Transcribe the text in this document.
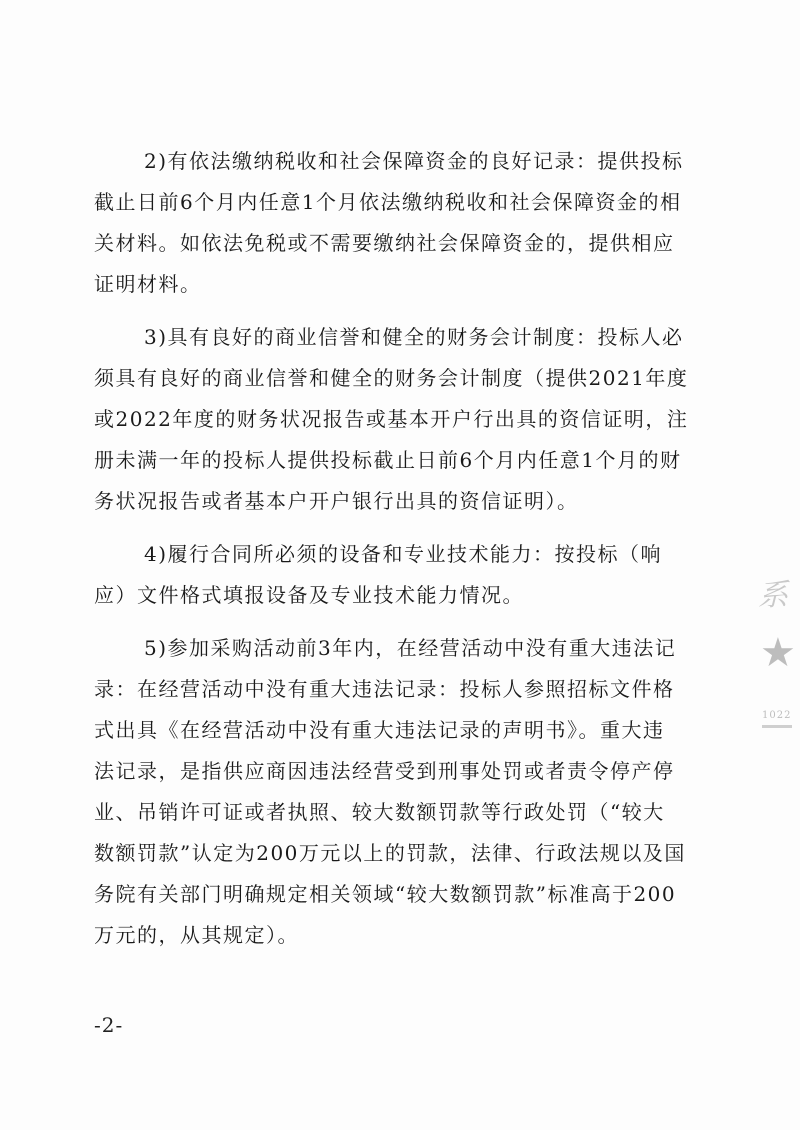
2)有依法缴纳税收和社会保障资金的良好记录：提供投标
截止日前6个月内任意1个月依法缴纳税收和社会保障资金的相
关材料。如依法免税或不需要缴纳社会保障资金的，提供相应
证明材料。

3)具有良好的商业信誉和健全的财务会计制度：投标人必
须具有良好的商业信誉和健全的财务会计制度（提供2021年度
或2022年度的财务状况报告或基本开户行出具的资信证明，注
册未满一年的投标人提供投标截止日前6个月内任意1个月的财
务状况报告或者基本户开户银行出具的资信证明）。

4)履行合同所必须的设备和专业技术能力：按投标（响
应）文件格式填报设备及专业技术能力情况。

5)参加采购活动前3年内，在经营活动中没有重大违法记
录：在经营活动中没有重大违法记录：投标人参照招标文件格
式出具《在经营活动中没有重大违法记录的声明书》。重大违
法记录，是指供应商因违法经营受到刑事处罚或者责令停产停
业、吊销许可证或者执照、较大数额罚款等行政处罚（“较大
数额罚款”认定为200万元以上的罚款，法律、行政法规以及国
务院有关部门明确规定相关领域“较大数额罚款”标准高于200
万元的，从其规定）。

系
★
1022
-2-
